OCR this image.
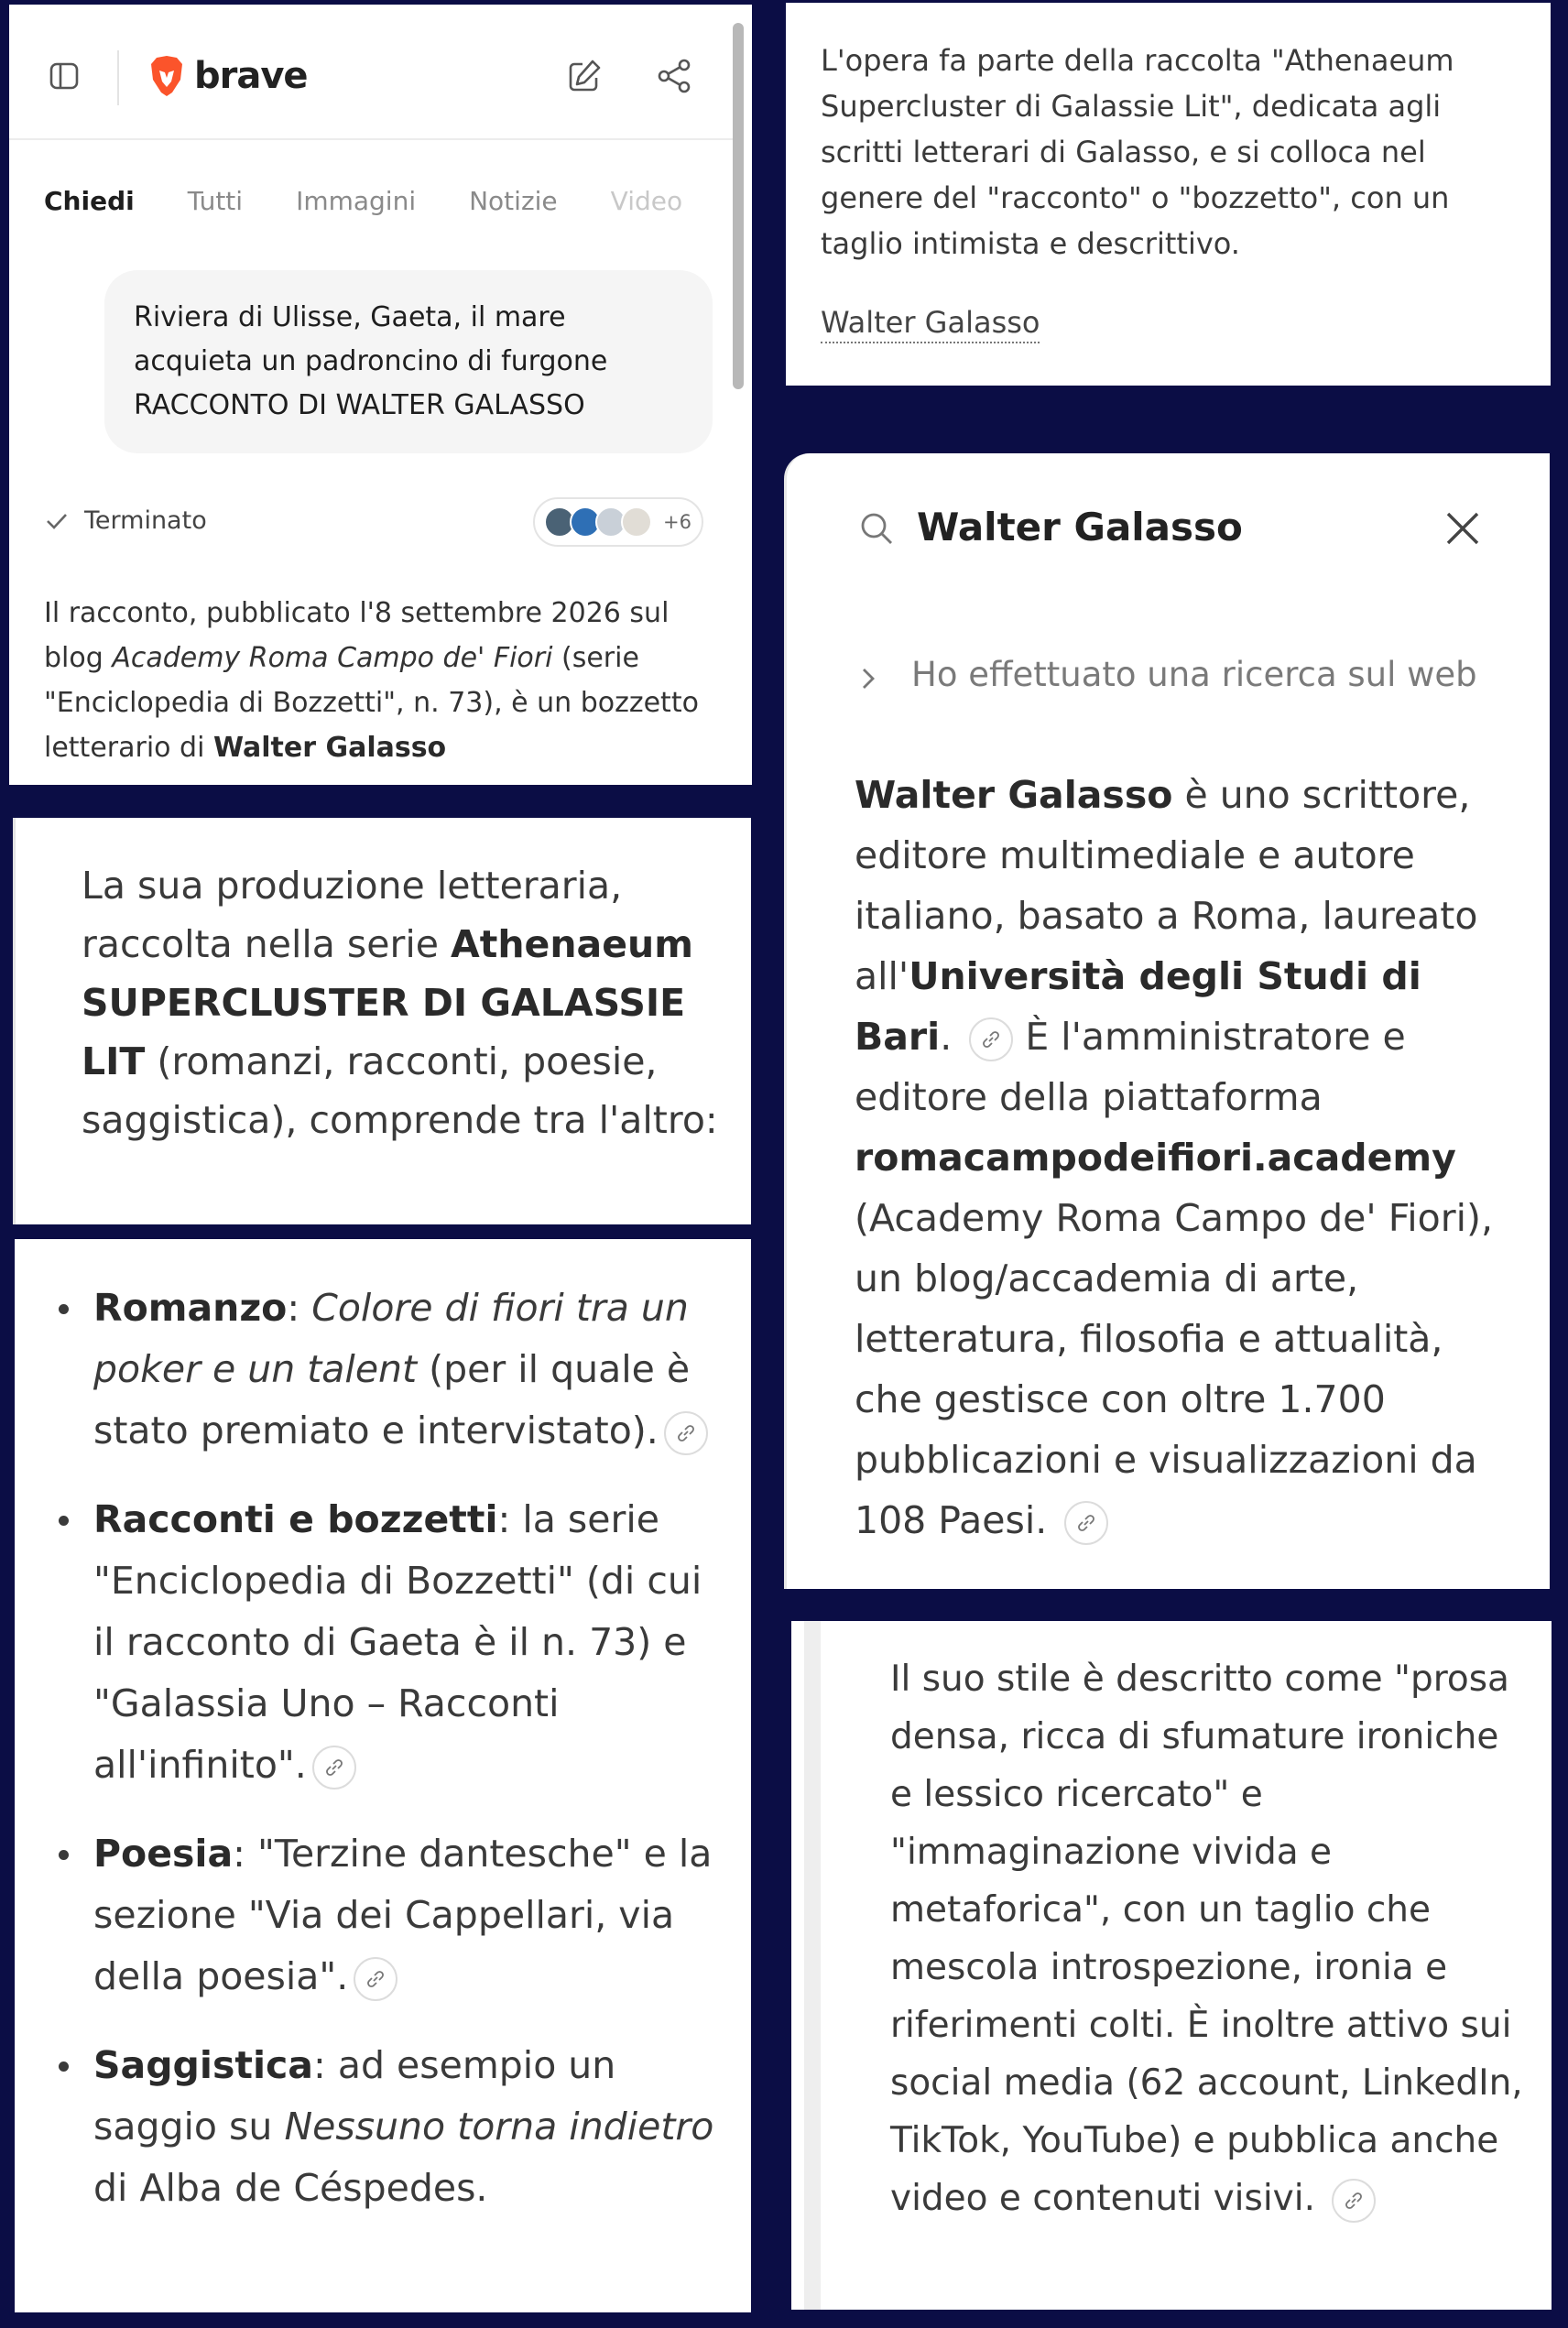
brave
Chiedi Tutti Immagini Notizie Video
Riviera di Ulisse, Gaeta, il mare
acquieta un padroncino di furgone
RACCONTO DI WALTER GALASSO
Terminato	+6
Il racconto, pubblicato l'8 settembre 2026 sul blog Academy Roma Campo de' Fiori (serie "Enciclopedia di Bozzetti", n. 73), è un bozzetto letterario di Walter Galasso
La sua produzione letteraria, raccolta nella serie Athenaeum SUPERCLUSTER DI GALASSIE LIT (romanzi, racconti, poesie, saggistica), comprende tra l'altro:
Romanzo: Colore di fiori tra un poker e un talent (per il quale è stato premiato e intervistato).
Racconti e bozzetti: la serie "Enciclopedia di Bozzetti" (di cui il racconto di Gaeta è il n. 73) e "Galassia Uno – Racconti all'infinito".
Poesia: "Terzine dantesche" e la sezione "Via dei Cappellari, via della poesia".
Saggistica: ad esempio un saggio su Nessuno torna indietro di Alba de Céspedes.
L'opera fa parte della raccolta "Athenaeum Supercluster di Galassie Lit", dedicata agli scritti letterari di Galasso, e si colloca nel genere del "racconto" o "bozzetto", con un taglio intimista e descrittivo.
Walter Galasso
Walter Galasso
Ho effettuato una ricerca sul web
Walter Galasso è uno scrittore, editore multimediale e autore italiano, basato a Roma, laureato all'Università degli Studi di Bari.
È l'amministratore e editore della piattaforma romacampodeifiori.academy (Academy Roma Campo de' Fiori), un blog/accademia di arte, letteratura, filosofia e attualità, che gestisce con oltre 1.700 pubblicazioni e visualizzazioni da 108 Paesi.
Il suo stile è descritto come "prosa densa, ricca di sfumature ironiche e lessico ricercato" e "immaginazione vivida e metaforica", con un taglio che mescola introspezione, ironia e riferimenti colti. È inoltre attivo sui social media (62 account, LinkedIn, TikTok, YouTube) e pubblica anche video e contenuti visivi.
